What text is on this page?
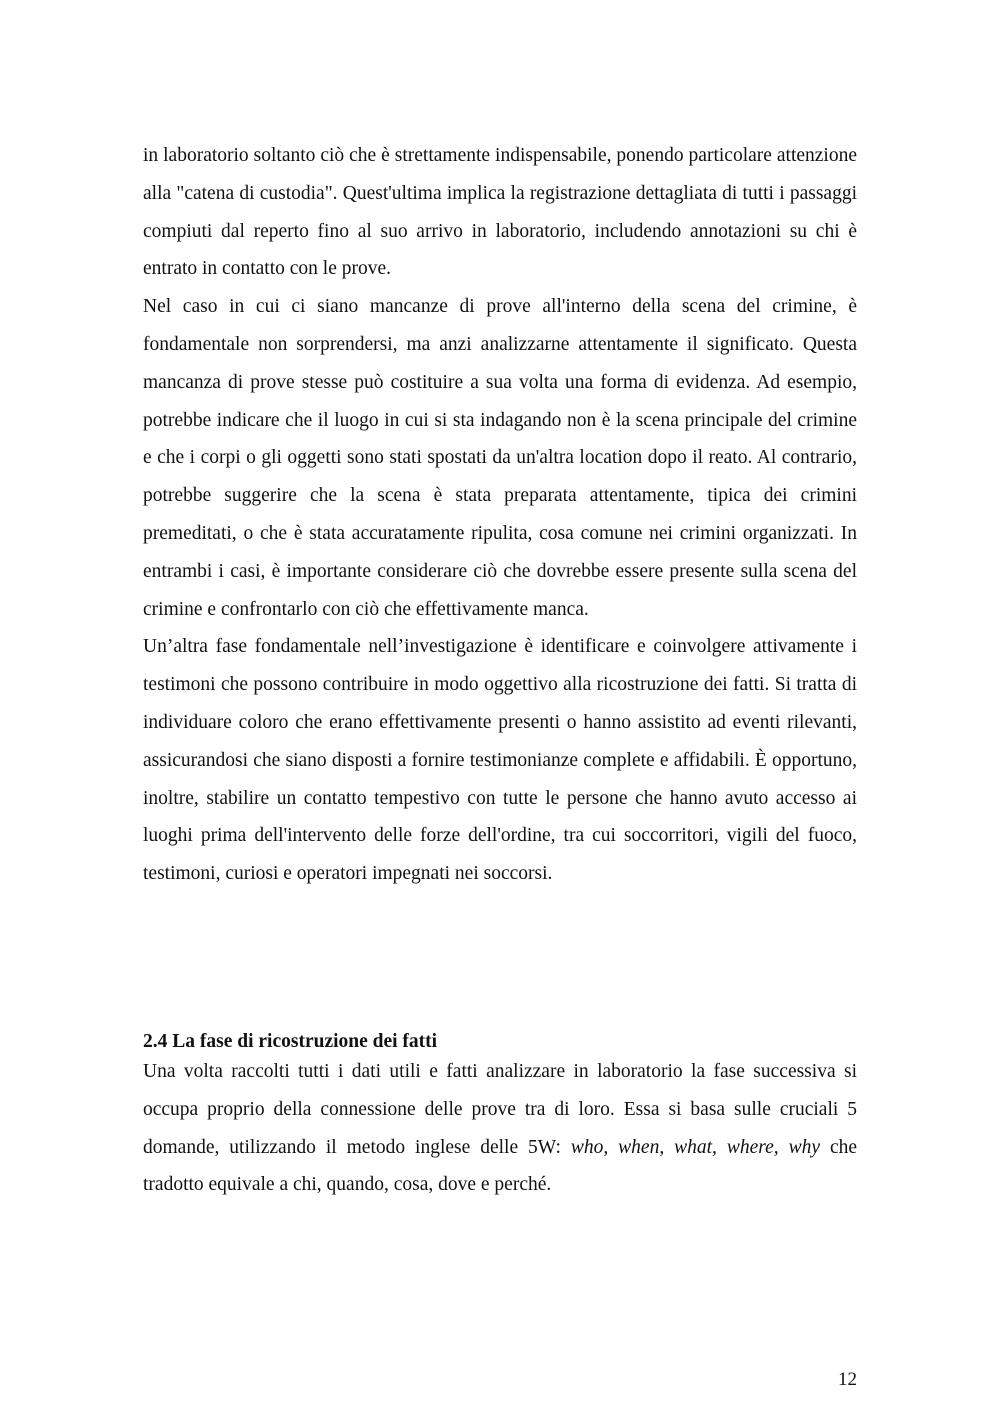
in laboratorio soltanto ciò che è strettamente indispensabile, ponendo particolare attenzione alla "catena di custodia". Quest'ultima implica la registrazione dettagliata di tutti i passaggi compiuti dal reperto fino al suo arrivo in laboratorio, includendo annotazioni su chi è entrato in contatto con le prove.

Nel caso in cui ci siano mancanze di prove all'interno della scena del crimine, è fondamentale non sorprendersi, ma anzi analizzarne attentamente il significato. Questa mancanza di prove stesse può costituire a sua volta una forma di evidenza. Ad esempio, potrebbe indicare che il luogo in cui si sta indagando non è la scena principale del crimine e che i corpi o gli oggetti sono stati spostati da un'altra location dopo il reato. Al contrario, potrebbe suggerire che la scena è stata preparata attentamente, tipica dei crimini premeditati, o che è stata accuratamente ripulita, cosa comune nei crimini organizzati. In entrambi i casi, è importante considerare ciò che dovrebbe essere presente sulla scena del crimine e confrontarlo con ciò che effettivamente manca.

Un’altra fase fondamentale nell’investigazione è identificare e coinvolgere attivamente i testimoni che possono contribuire in modo oggettivo alla ricostruzione dei fatti. Si tratta di individuare coloro che erano effettivamente presenti o hanno assistito ad eventi rilevanti, assicurandosi che siano disposti a fornire testimonianze complete e affidabili. È opportuno, inoltre, stabilire un contatto tempestivo con tutte le persone che hanno avuto accesso ai luoghi prima dell'intervento delle forze dell'ordine, tra cui soccorritori, vigili del fuoco, testimoni, curiosi e operatori impegnati nei soccorsi.

2.4 La fase di ricostruzione dei fatti

Una volta raccolti tutti i dati utili e fatti analizzare in laboratorio la fase successiva si occupa proprio della connessione delle prove tra di loro. Essa si basa sulle cruciali 5 domande, utilizzando il metodo inglese delle 5W: who, when, what, where, why che tradotto equivale a chi, quando, cosa, dove e perché.

12
